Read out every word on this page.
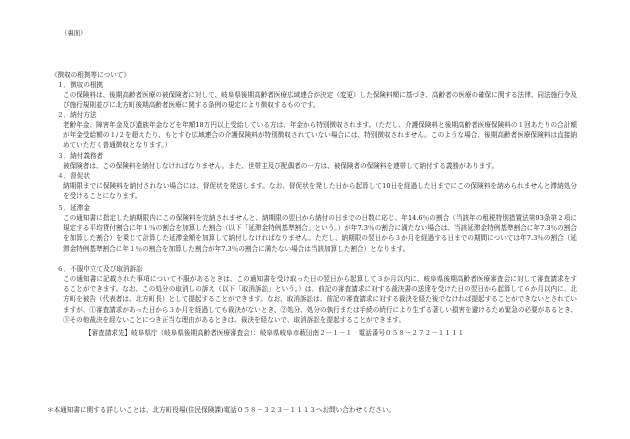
（裏面）
《徴収の根拠等について》
１．徴収の根拠
この保険料は、後期高齢者医療の被保険者に対して、岐阜県後期高齢者医療広域連合が決定（変更）した保険料額に基づき、高齢者の医療の確保に関する法律、同法施行令及び施行規則並びに北方町後期高齢者医療に関する条例の規定により徴収するものです。
２．納付方法
老齢年金、障害年金及び遺族年金などを年額18万円以上受給している方は、年金から特別徴収されます。（ただし、介護保険料と後期高齢者医療保険料の１回あたりの合計額が年金受給額の１/２を超えたり、もとすむ広域連合の介護保険料が特別徴収されていない場合には、特別徴収されません。このような場合、後期高齢者医療保険料は直接納めていただく普通徴収となります。）
３．納付義務者
被保険者は、この保険料を納付しなければなりません。また、世帯主及び配偶者の一方は、被保険者の保険料を連帯して納付する義務があります。
４．督促状
納期限までに保険料を納付されない場合には、督促状を発送します。なお、督促状を発した日から起算して10日を経過した日までにこの保険料を納められませんと滞納処分を受けることになります。
５．延滞金
この通知書に指定した納期限内にこの保険料を完納されませんと、納期限の翌日から納付の日までの日数に応じ、年14.6％の割合（当該年の租税特別措置法第93条第２項に規定する平均貸付割合に年１％の割合を加算した割合（以下「延滞金特例基準割合」という。）が年7.3％の割合に満たない場合は、当該延滞金特例基準割合に年7.3％の割合を加算した割合）を乗じて計算した延滞金額を加算して納付しなければなりません。ただし、納期限の翌日から３か月を経過する日までの期間については年7.3％の割合（延滞金特例基準割合に年１％の割合を加算した割合が年7.3％の割合に満たない場合は当該加算した割合）となります。
６．不服申立て及び取消訴訟
この通知書に記載された事項について不服があるときは、この通知書を受け取った日の翌日から起算して３か月以内に、岐阜県後期高齢者医療審査会に対して審査請求をすることができます。なお、この処分の取消しの訴え（以下「取消訴訟」という。）は、前記の審査請求に対する裁決書の送達を受けた日の翌日から起算して６か月以内に、北方町を被告（代表者は、北方町長）として提起することができます。なお、取消訴訟は、前記の審査請求に対する裁決を経た後でなければ提起することができないとされていますが、①審査請求があった日から３か月を経過しても裁決がないとき、②処分、処分の執行または手続の続行により生ずる著しい損害を避けるため緊急の必要があるとき、③その他裁決を経ないことにつき正当な理由があるときは、裁決を経ないで、取消訴訟を提起することができます。
【審査請求先】岐阜県庁（岐阜県後期高齢者医療審査会）：岐阜県岐阜市薮田南２－１－１　電話番号０５８－２７２－１１１１
＊本通知書に関する詳しいことは、北方町役場(住民保険課)電話０５８－３２３－１１１３へお問い合わせください。
